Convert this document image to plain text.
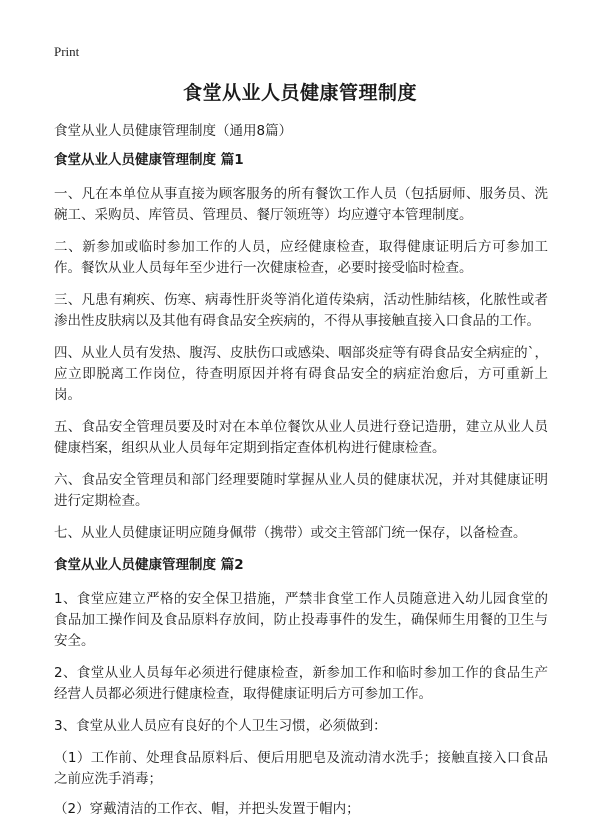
Print
食堂从业人员健康管理制度

食堂从业人员健康管理制度（通用8篇）

食堂从业人员健康管理制度 篇1

一、凡在本单位从事直接为顾客服务的所有餐饮工作人员（包括厨师、服务员、洗碗工、采购员、库管员、管理员、餐厅领班等）均应遵守本管理制度。

二、新参加或临时参加工作的人员，应经健康检查，取得健康证明后方可参加工作。餐饮从业人员每年至少进行一次健康检查，必要时接受临时检查。

三、凡患有痢疾、伤寒、病毒性肝炎等消化道传染病，活动性肺结核，化脓性或者渗出性皮肤病以及其他有碍食品安全疾病的，不得从事接触直接入口食品的工作。

四、从业人员有发热、腹泻、皮肤伤口或感染、咽部炎症等有碍食品安全病症的`，应立即脱离工作岗位，待查明原因并将有碍食品安全的病症治愈后，方可重新上岗。

五、食品安全管理员要及时对在本单位餐饮从业人员进行登记造册，建立从业人员健康档案，组织从业人员每年定期到指定查体机构进行健康检查。

六、食品安全管理员和部门经理要随时掌握从业人员的健康状况，并对其健康证明进行定期检查。

七、从业人员健康证明应随身佩带（携带）或交主管部门统一保存，以备检查。

食堂从业人员健康管理制度 篇2

1、食堂应建立严格的安全保卫措施，严禁非食堂工作人员随意进入幼儿园食堂的食品加工操作间及食品原料存放间，防止投毒事件的发生，确保师生用餐的卫生与安全。

2、食堂从业人员每年必须进行健康检查，新参加工作和临时参加工作的食品生产经营人员都必须进行健康检查，取得健康证明后方可参加工作。

3、食堂从业人员应有良好的个人卫生习惯，必须做到：

（1）工作前、处理食品原料后、便后用肥皂及流动清水洗手；接触直接入口食品之前应洗手消毒；

（2）穿戴清洁的工作衣、帽，并把头发置于帽内；
